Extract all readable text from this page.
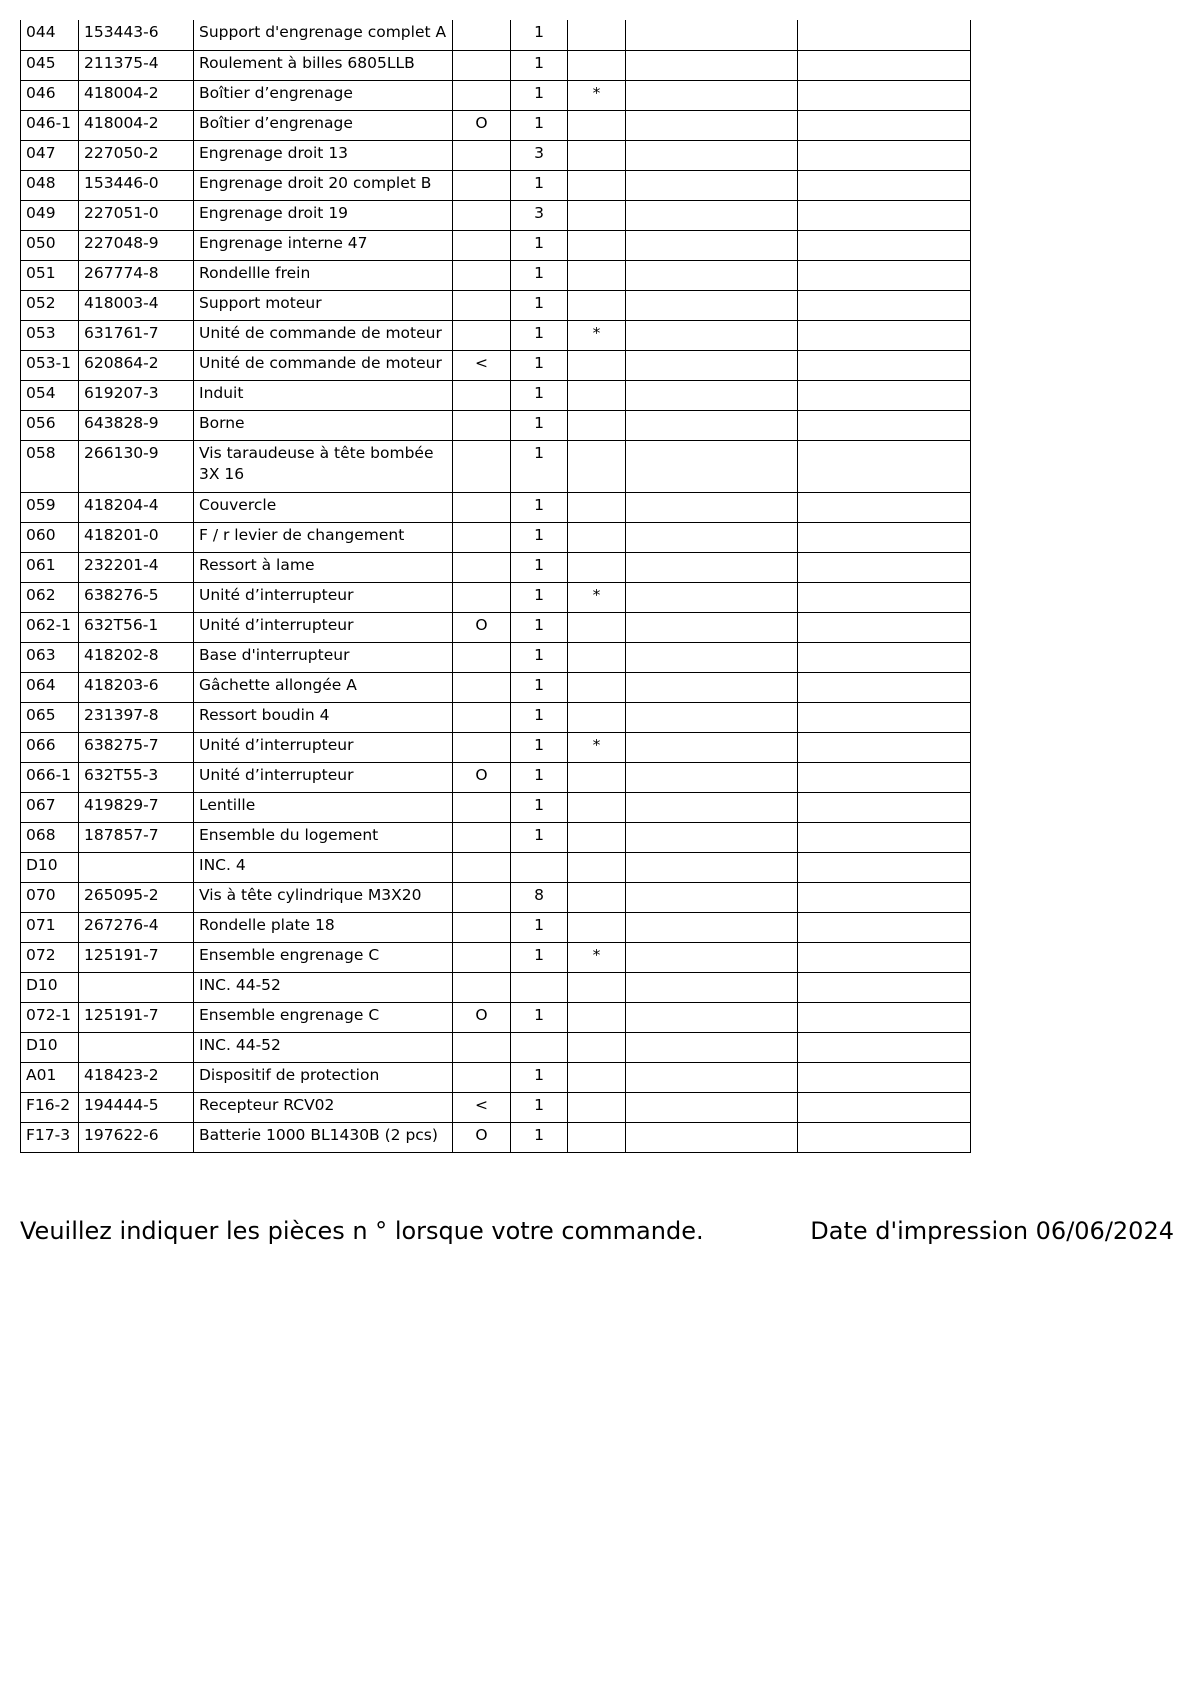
044	153443-6	Support d'engrenage complet A		1			
045	211375-4	Roulement à billes 6805LLB		1			
046	418004-2	Boîtier d’engrenage		1	*		
046-1	418004-2	Boîtier d’engrenage	O	1			
047	227050-2	Engrenage droit 13		3			
048	153446-0	Engrenage droit 20 complet B		1			
049	227051-0	Engrenage droit 19		3			
050	227048-9	Engrenage interne 47		1			
051	267774-8	Rondellle frein		1			
052	418003-4	Support moteur		1			
053	631761-7	Unité de commande de moteur		1	*		
053-1	620864-2	Unité de commande de moteur	<	1			
054	619207-3	Induit		1			
056	643828-9	Borne		1			
058	266130-9	Vis taraudeuse à tête bombée 3X 16		1			
059	418204-4	Couvercle		1			
060	418201-0	F / r levier de changement		1			
061	232201-4	Ressort à lame		1			
062	638276-5	Unité d’interrupteur		1	*		
062-1	632T56-1	Unité d’interrupteur	O	1			
063	418202-8	Base d'interrupteur		1			
064	418203-6	Gâchette allongée A		1			
065	231397-8	Ressort boudin 4		1			
066	638275-7	Unité d’interrupteur		1	*		
066-1	632T55-3	Unité d’interrupteur	O	1			
067	419829-7	Lentille		1			
068	187857-7	Ensemble du logement		1			
D10		INC. 4					
070	265095-2	Vis à tête cylindrique M3X20		8			
071	267276-4	Rondelle plate 18		1			
072	125191-7	Ensemble engrenage C		1	*		
D10		INC. 44-52					
072-1	125191-7	Ensemble engrenage C	O	1			
D10		INC. 44-52					
A01	418423-2	Dispositif de protection		1			
F16-2	194444-5	Recepteur RCV02	<	1			
F17-3	197622-6	Batterie 1000 BL1430B (2 pcs)	O	1			
Veuillez indiquer les pièces n ° lorsque votre commande.	Date d'impression 06/06/2024
